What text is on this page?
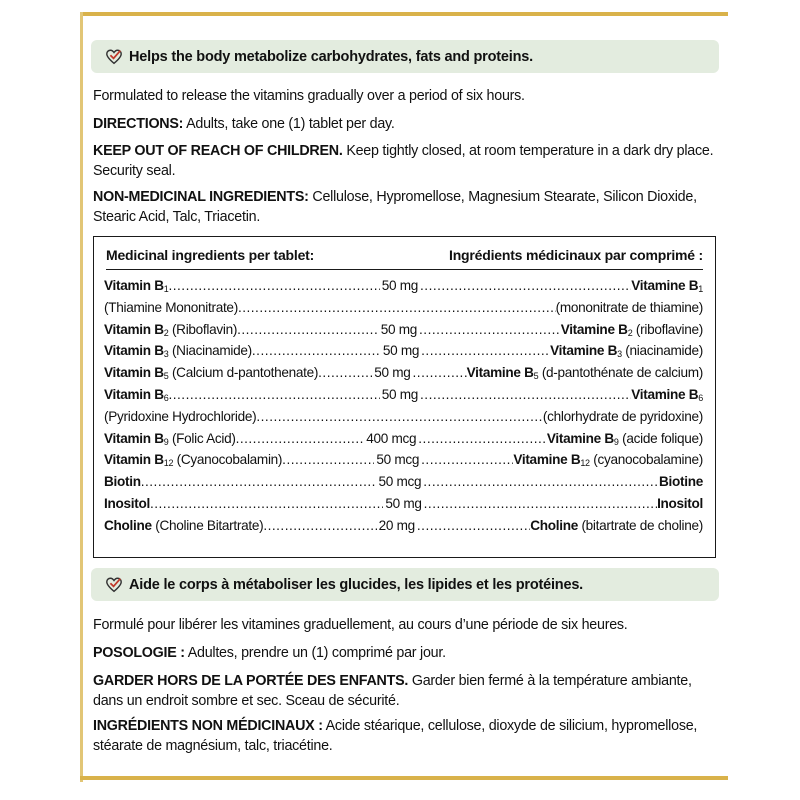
Helps the body metabolize carbohydrates, fats and proteins.
Formulated to release the vitamins gradually over a period of six hours.
DIRECTIONS: Adults, take one (1) tablet per day.
KEEP OUT OF REACH OF CHILDREN. Keep tightly closed, at room temperature in a dark dry place. Security seal.
NON-MEDICINAL INGREDIENTS: Cellulose, Hypromellose, Magnesium Stearate, Silicon Dioxide, Stearic Acid, Talc, Triacetin.
Medicinal ingredients per tablet:	Ingrédients médicinaux par comprimé :
Vitamin $B_1$ .....	50 mg .....	Vitamine $B_1$
(Thiamine Mononitrate) .....	(mononitrate de thiamine)
Vitamin $B_2$ (Riboflavin) .....	50 mg .....	Vitamine $B_2$ (riboflavine)
Vitamin $B_3$ (Niacinamide) .....	50 mg .....	Vitamine $B_3$ (niacinamide)
Vitamin $B_5$ (Calcium d-pantothenate) .....	50 mg .....	Vitamine $B_5$ (d-pantothénate de calcium)
Vitamin $B_6$ .....	50 mg .....	Vitamine $B_6$
(Pyridoxine Hydrochloride) .....	(chlorhydrate de pyridoxine)
Vitamin $B_9$ (Folic Acid) .....	400 mcg .....	Vitamine $B_9$ (acide folique)
Vitamin $B_{12}$ (Cyanocobalamin) .....	50 mcg .....	Vitamine $B_{12}$ (cyanocobalamine)
Biotin .....	50 mcg .....	Biotine
Inositol .....	50 mg .....	Inositol
Choline (Choline Bitartrate) .....	20 mg .....	Choline (bitartrate de choline)
Aide le corps à métaboliser les glucides, les lipides et les protéines.
Formulé pour libérer les vitamines graduellement, au cours d’une période de six heures.
POSOLOGIE : Adultes, prendre un (1) comprimé par jour.
GARDER HORS DE LA PORTÉE DES ENFANTS. Garder bien fermé à la température ambiante, dans un endroit sombre et sec. Sceau de sécurité.
INGRÉDIENTS NON MÉDICINAUX : Acide stéarique, cellulose, dioxyde de silicium, hypromellose, stéarate de magnésium, talc, triacétine.
